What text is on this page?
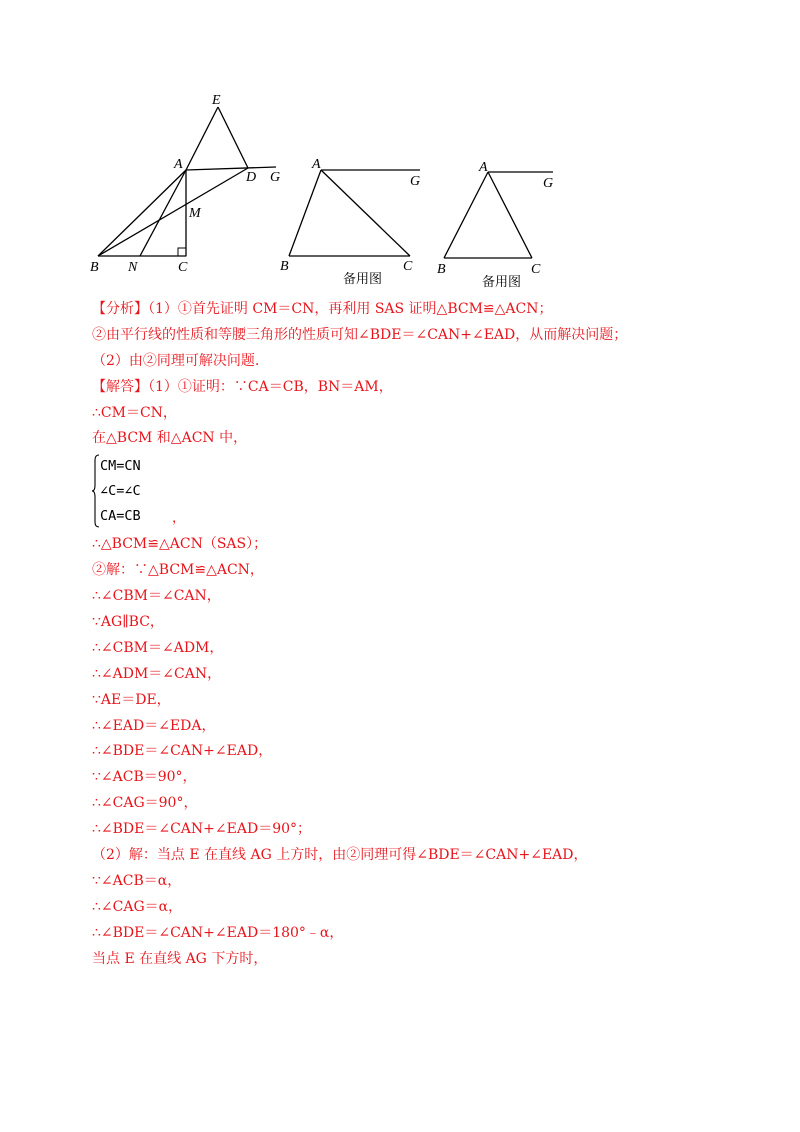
E
A
D G
M
B N	C
A
G
B	C
备用图
A
G
B	C
备用图
【分析】（1）①首先证明 CM＝CN，再利用 SAS 证明△BCM≌△ACN；
②由平行线的性质和等腰三角形的性质可知∠BDE＝∠CAN+∠EAD，从而解决问题；
（2）由②同理可解决问题.
【解答】（1）①证明：∵CA＝CB，BN＝AM，
∴CM＝CN，
在△BCM 和△ACN 中，
CM=CN
∠C=∠C
CA=CB ，
∴△BCM≌△ACN（SAS）；
②解：∵△BCM≌△ACN，
∴∠CBM＝∠CAN，
∵AG∥BC，
∴∠CBM＝∠ADM，
∴∠ADM＝∠CAN，
∵AE＝DE，
∴∠EAD＝∠EDA，
∴∠BDE＝∠CAN+∠EAD，
∵∠ACB＝90°，
∴∠CAG＝90°，
∴∠BDE＝∠CAN+∠EAD＝90°；
（2）解：当点 E 在直线 AG 上方时，由②同理可得∠BDE＝∠CAN+∠EAD，
∵∠ACB＝α，
∴∠CAG＝α，
∴∠BDE＝∠CAN+∠EAD＝180°﹣α，
当点 E 在直线 AG 下方时，
